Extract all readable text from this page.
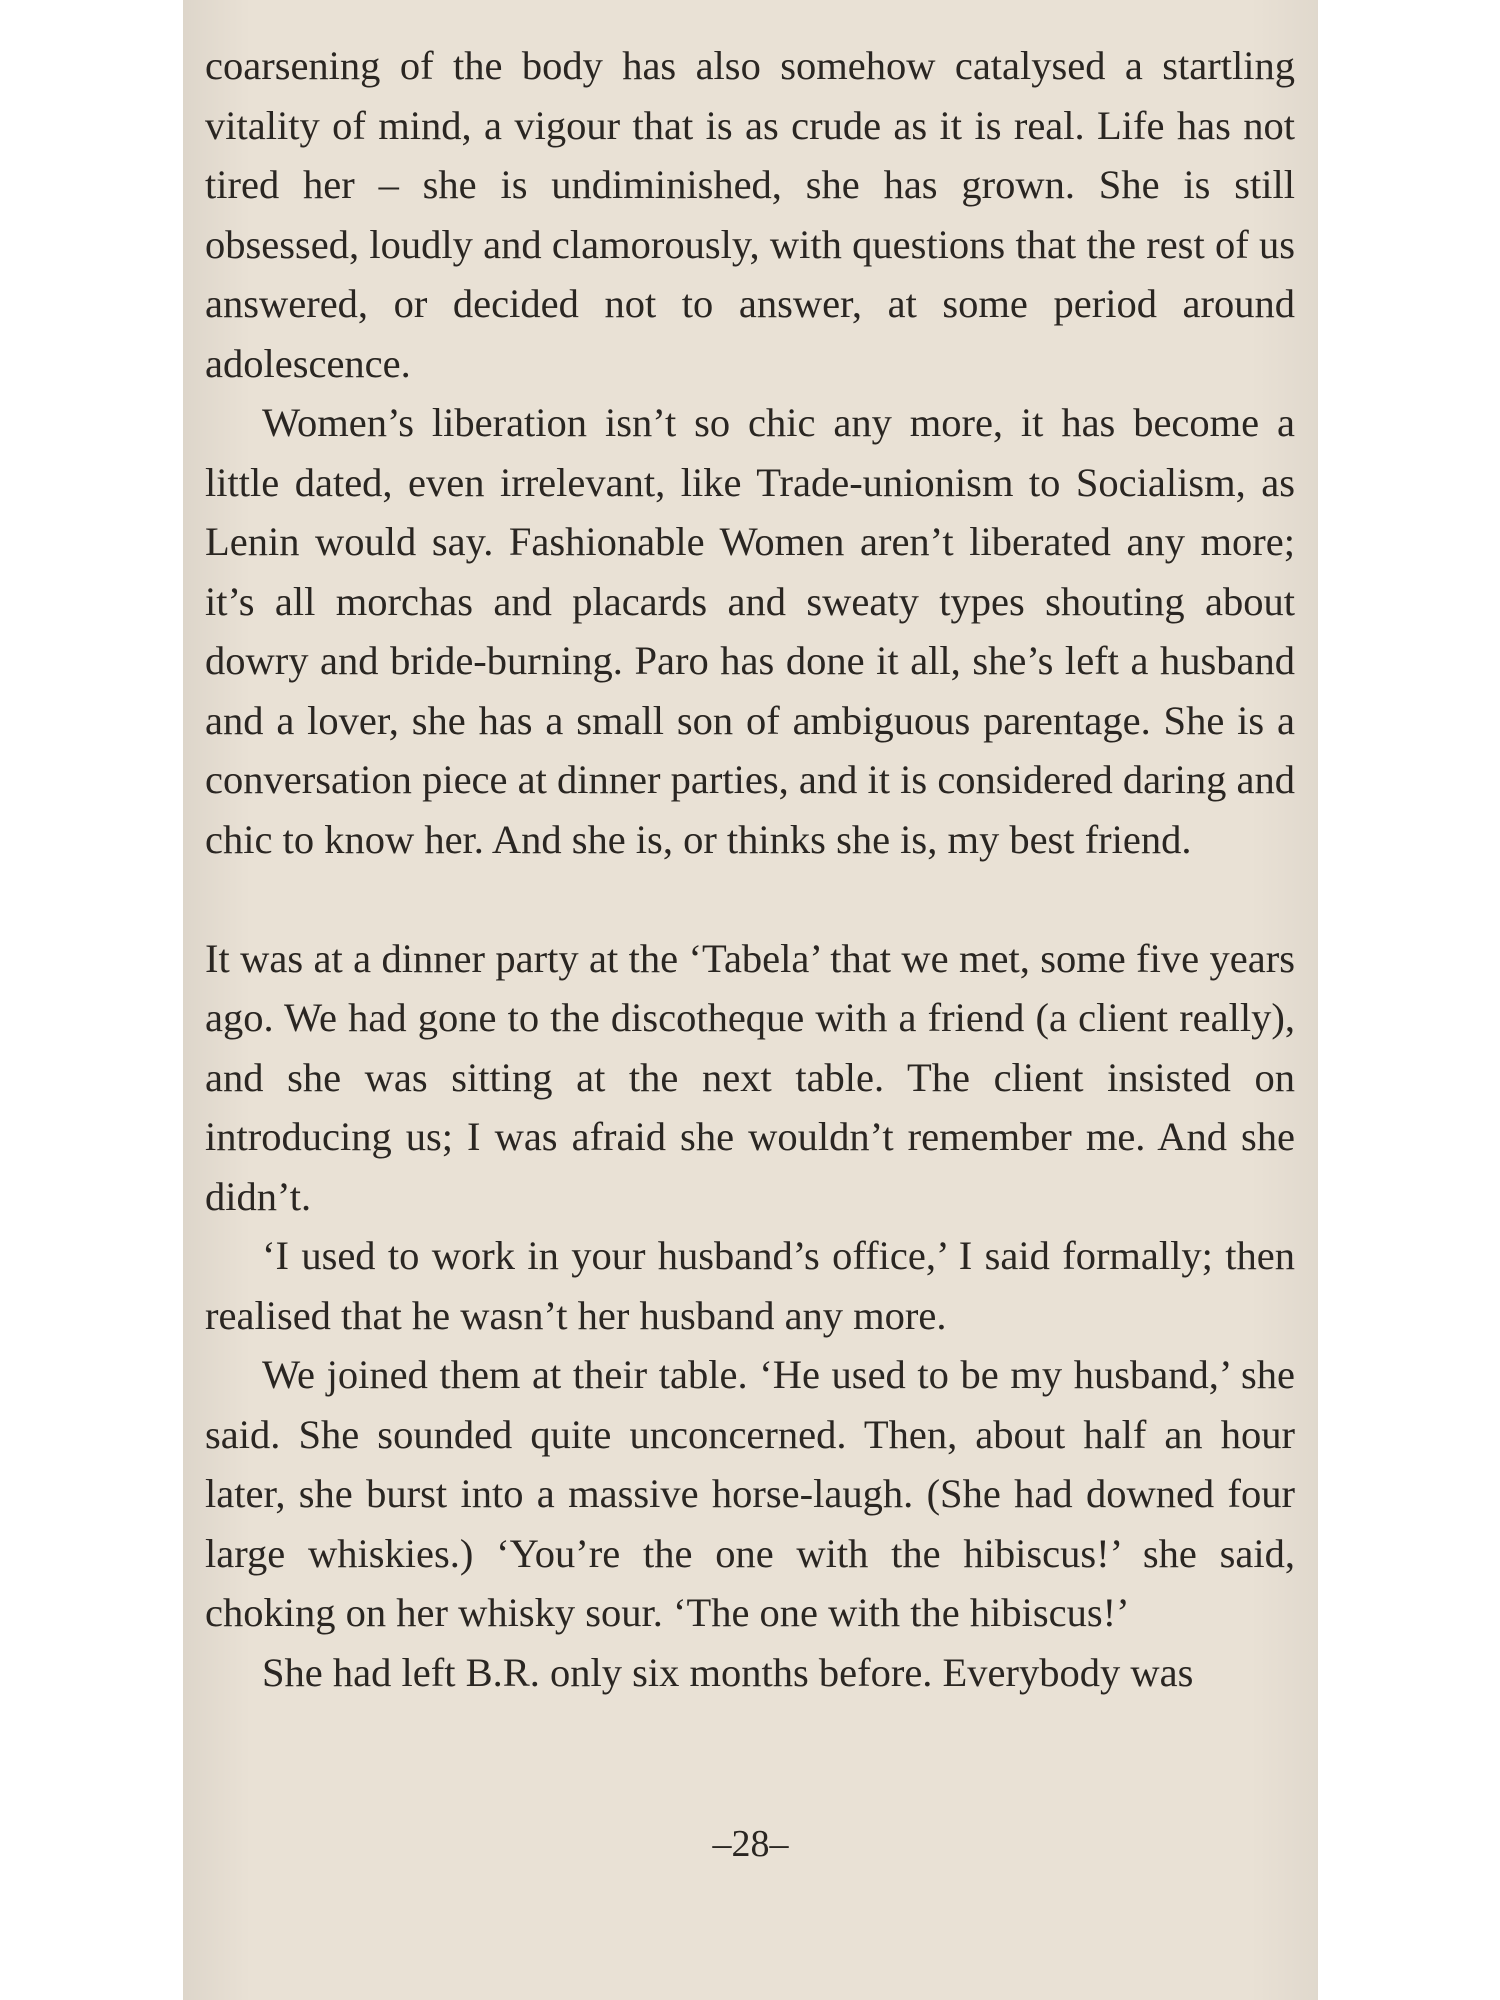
coarsening of the body has also somehow catalysed a startling vitality of mind, a vigour that is as crude as it is real. Life has not tired her – she is undiminished, she has grown. She is still obsessed, loudly and clamorously, with questions that the rest of us answered, or decided not to answer, at some period around adolescence.

Women’s liberation isn’t so chic any more, it has become a little dated, even irrelevant, like Trade-unionism to Socialism, as Lenin would say. Fashionable Women aren’t liberated any more; it’s all morchas and placards and sweaty types shouting about dowry and bride-burning. Paro has done it all, she’s left a husband and a lover, she has a small son of ambiguous parentage. She is a conversation piece at dinner parties, and it is considered daring and chic to know her. And she is, or thinks she is, my best friend.

It was at a dinner party at the ‘Tabela’ that we met, some five years ago. We had gone to the discotheque with a friend (a client really), and she was sitting at the next table. The client insisted on introducing us; I was afraid she wouldn’t remember me. And she didn’t.

‘I used to work in your husband’s office,’ I said formally; then realised that he wasn’t her husband any more.

We joined them at their table. ‘He used to be my husband,’ she said. She sounded quite unconcerned. Then, about half an hour later, she burst into a massive horse-laugh. (She had downed four large whiskies.) ‘You’re the one with the hibiscus!’ she said, choking on her whisky sour. ‘The one with the hibiscus!’

She had left B.R. only six months before. Everybody was

–28–
